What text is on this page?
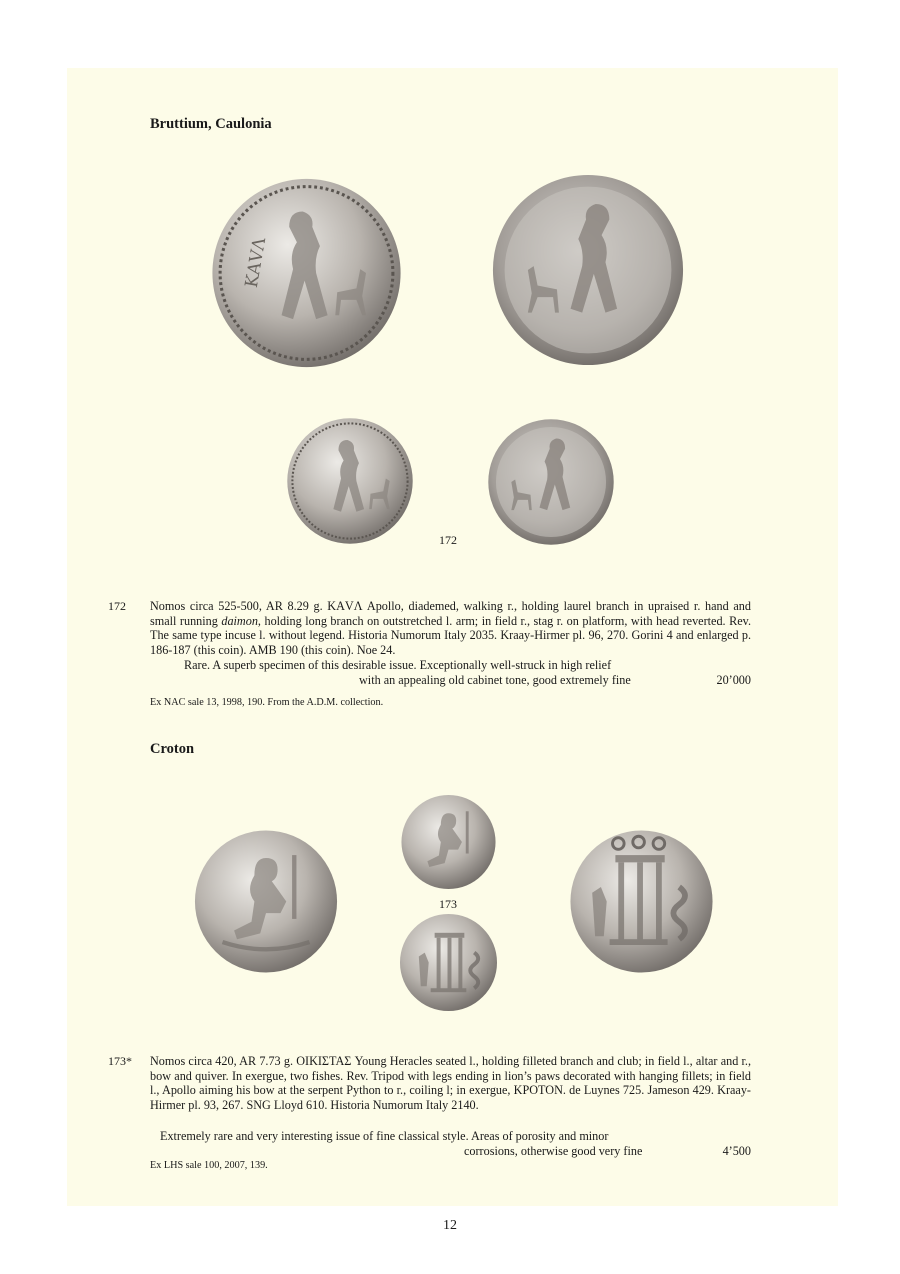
Bruttium, Caulonia
ΚΑVΛ
172
172 Nomos circa 525-500, AR 8.29 g. ΚΑVΛ Apollo, diademed, walking r., holding laurel branch in upraised r. hand and small running daimon, holding long branch on outstretched l. arm; in field r., stag r. on platform, with head reverted. Rev. The same type incuse l. without legend. Historia Numorum Italy 2035. Kraay-Hirmer pl. 96, 270. Gorini 4 and enlarged p. 186-187 (this coin). AMB 190 (this coin). Noe 24.
Rare. A superb specimen of this desirable issue. Exceptionally well-struck in high relief
with an appealing old cabinet tone, good extremely fine	20’000
Ex NAC sale 13, 1998, 190. From the A.D.M. collection.
Croton
173
173* Nomos circa 420, AR 7.73 g. ΟΙΚΙΣΤΑΣ Young Heracles seated l., holding filleted branch and club; in field l., altar and r., bow and quiver. In exergue, two fishes. Rev. Tripod with legs ending in lion’s paws decorated with hanging fillets; in field l., Apollo aiming his bow at the serpent Python to r., coiling l; in exergue, ΚΡΟΤΟΝ. de Luynes 725. Jameson 429. Kraay-Hirmer pl. 93, 267. SNG Lloyd 610. Historia Numorum Italy 2140.
Extremely rare and very interesting issue of fine classical style. Areas of porosity and minor
corrosions, otherwise good very fine	4’500
Ex LHS sale 100, 2007, 139.
12
